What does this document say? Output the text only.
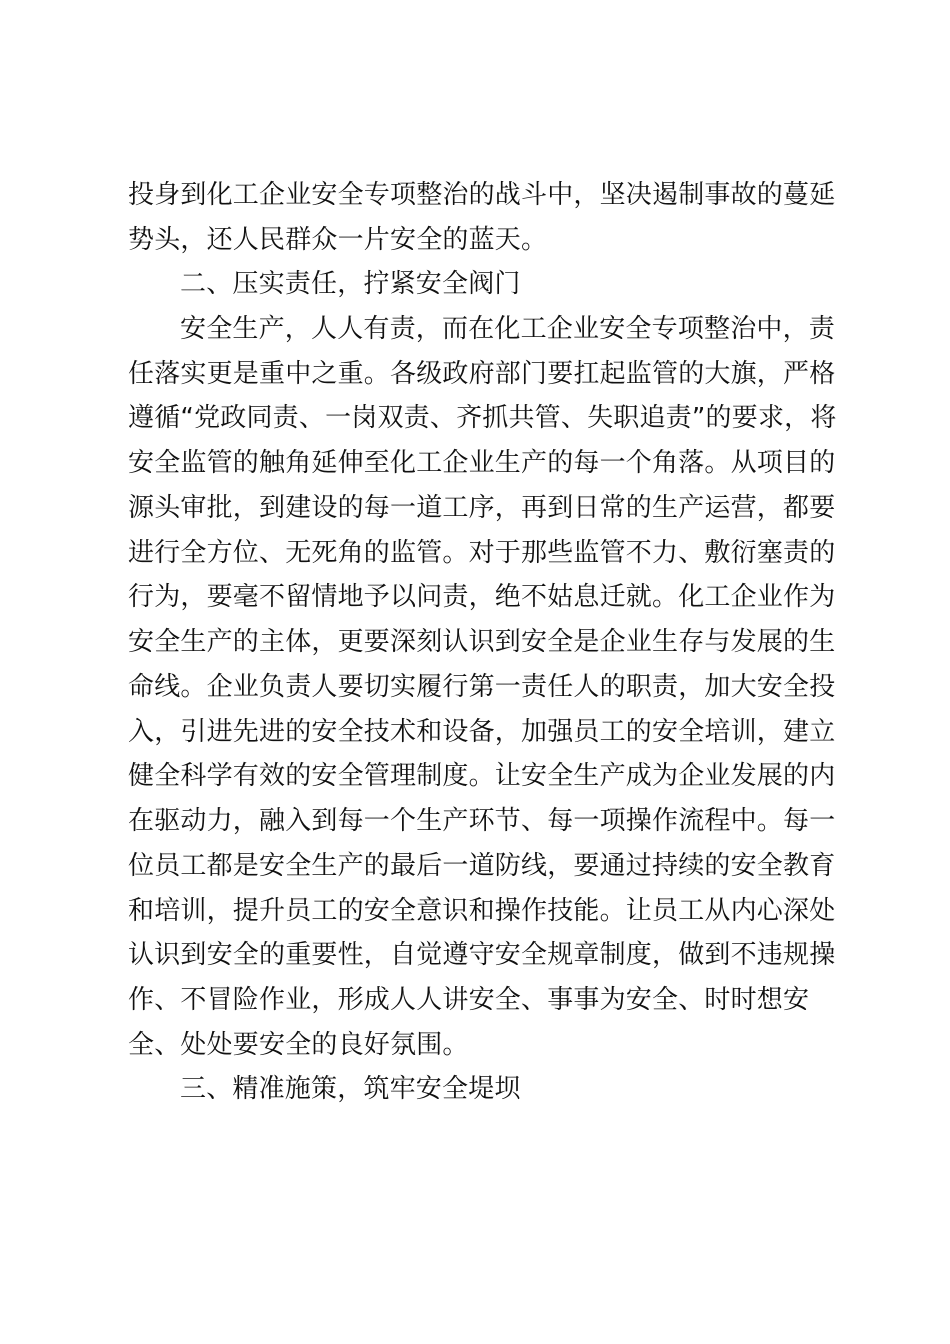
投身到化工企业安全专项整治的战斗中，坚决遏制事故的蔓延
势头，还人民群众一片安全的蓝天。
二、压实责任，拧紧安全阀门
安全生产，人人有责，而在化工企业安全专项整治中，责
任落实更是重中之重。各级政府部门要扛起监管的大旗，严格
遵循“党政同责、一岗双责、齐抓共管、失职追责”的要求，将
安全监管的触角延伸至化工企业生产的每一个角落。从项目的
源头审批，到建设的每一道工序，再到日常的生产运营，都要
进行全方位、无死角的监管。对于那些监管不力、敷衍塞责的
行为，要毫不留情地予以问责，绝不姑息迁就。化工企业作为
安全生产的主体，更要深刻认识到安全是企业生存与发展的生
命线。企业负责人要切实履行第一责任人的职责，加大安全投
入，引进先进的安全技术和设备，加强员工的安全培训，建立
健全科学有效的安全管理制度。让安全生产成为企业发展的内
在驱动力，融入到每一个生产环节、每一项操作流程中。每一
位员工都是安全生产的最后一道防线，要通过持续的安全教育
和培训，提升员工的安全意识和操作技能。让员工从内心深处
认识到安全的重要性，自觉遵守安全规章制度，做到不违规操
作、不冒险作业，形成人人讲安全、事事为安全、时时想安
全、处处要安全的良好氛围。
三、精准施策，筑牢安全堤坝
